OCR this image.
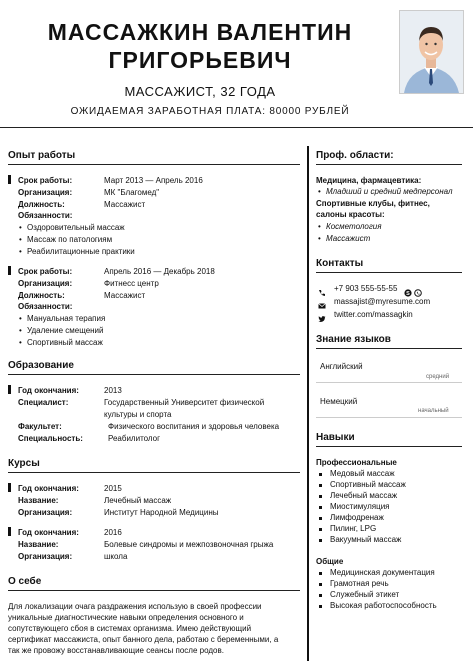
МАССАЖКИН ВАЛЕНТИН
ГРИГОРЬЕВИЧ
МАССАЖИСТ, 32 ГОДА
ОЖИДАЕМАЯ ЗАРАБОТНАЯ ПЛАТА: 80000 РУБЛЕЙ
Опыт работы
Срок работы:	Март 2013 — Апрель 2016
Организация:	МК "Благомед"
Должность:	Массажист
Обязанности:
• Оздоровительный массаж
• Массаж по патологиям
• Реабилитационные практики
Срок работы:	Апрель 2016 — Декабрь 2018
Организация:	Фитнесс центр
Должность:	Массажист
Обязанности:
• Мануальная терапия
• Удаление смещений
• Спортивный массаж
Образование
Год окончания:	2013
Специалист:	Государственный Университет физической
культуры и спорта
Факультет:	Физического воспитания и здоровья человека
Специальность:	Реабилитолог
Курсы
Год окончания:	2015
Название:	Лечебный массаж
Организация:	Институт Народной Медицины
Год окончания:	2016
Название:	Болевые синдромы и межпозвоночная грыжа
Организация:	школа
О себе
Для локализации очага раздражения использую в своей профессии
уникальные диагностические навыки определения основного и
сопутствующего сбоя в системах организма. Имею действующий
сертификат массажиста, опыт банного дела, работаю с беременными, а
так же провожу восстанавливающие сеансы после родов.
Проф. области:
Медицина, фармацевтика:
Младший и средний медперсонал
Спортивные клубы, фитнес,
салоны красоты:
Косметология
Массажист
•
•
•
Контакты
+7 903 555-55-55
S
massajist@myresume.com
twitter.com/massagkin
Знание языков
Английский
средний
Немецкий
начальный
Навыки
Профессиональные
Медовый массаж
Спортивный массаж
Лечебный массаж
Миостимуляция
Лимфодренаж
Пилинг, LPG
Вакуумный массаж
Общие
Медицинская документация
Грамотная речь
Служебный этикет
Высокая работоспособность
